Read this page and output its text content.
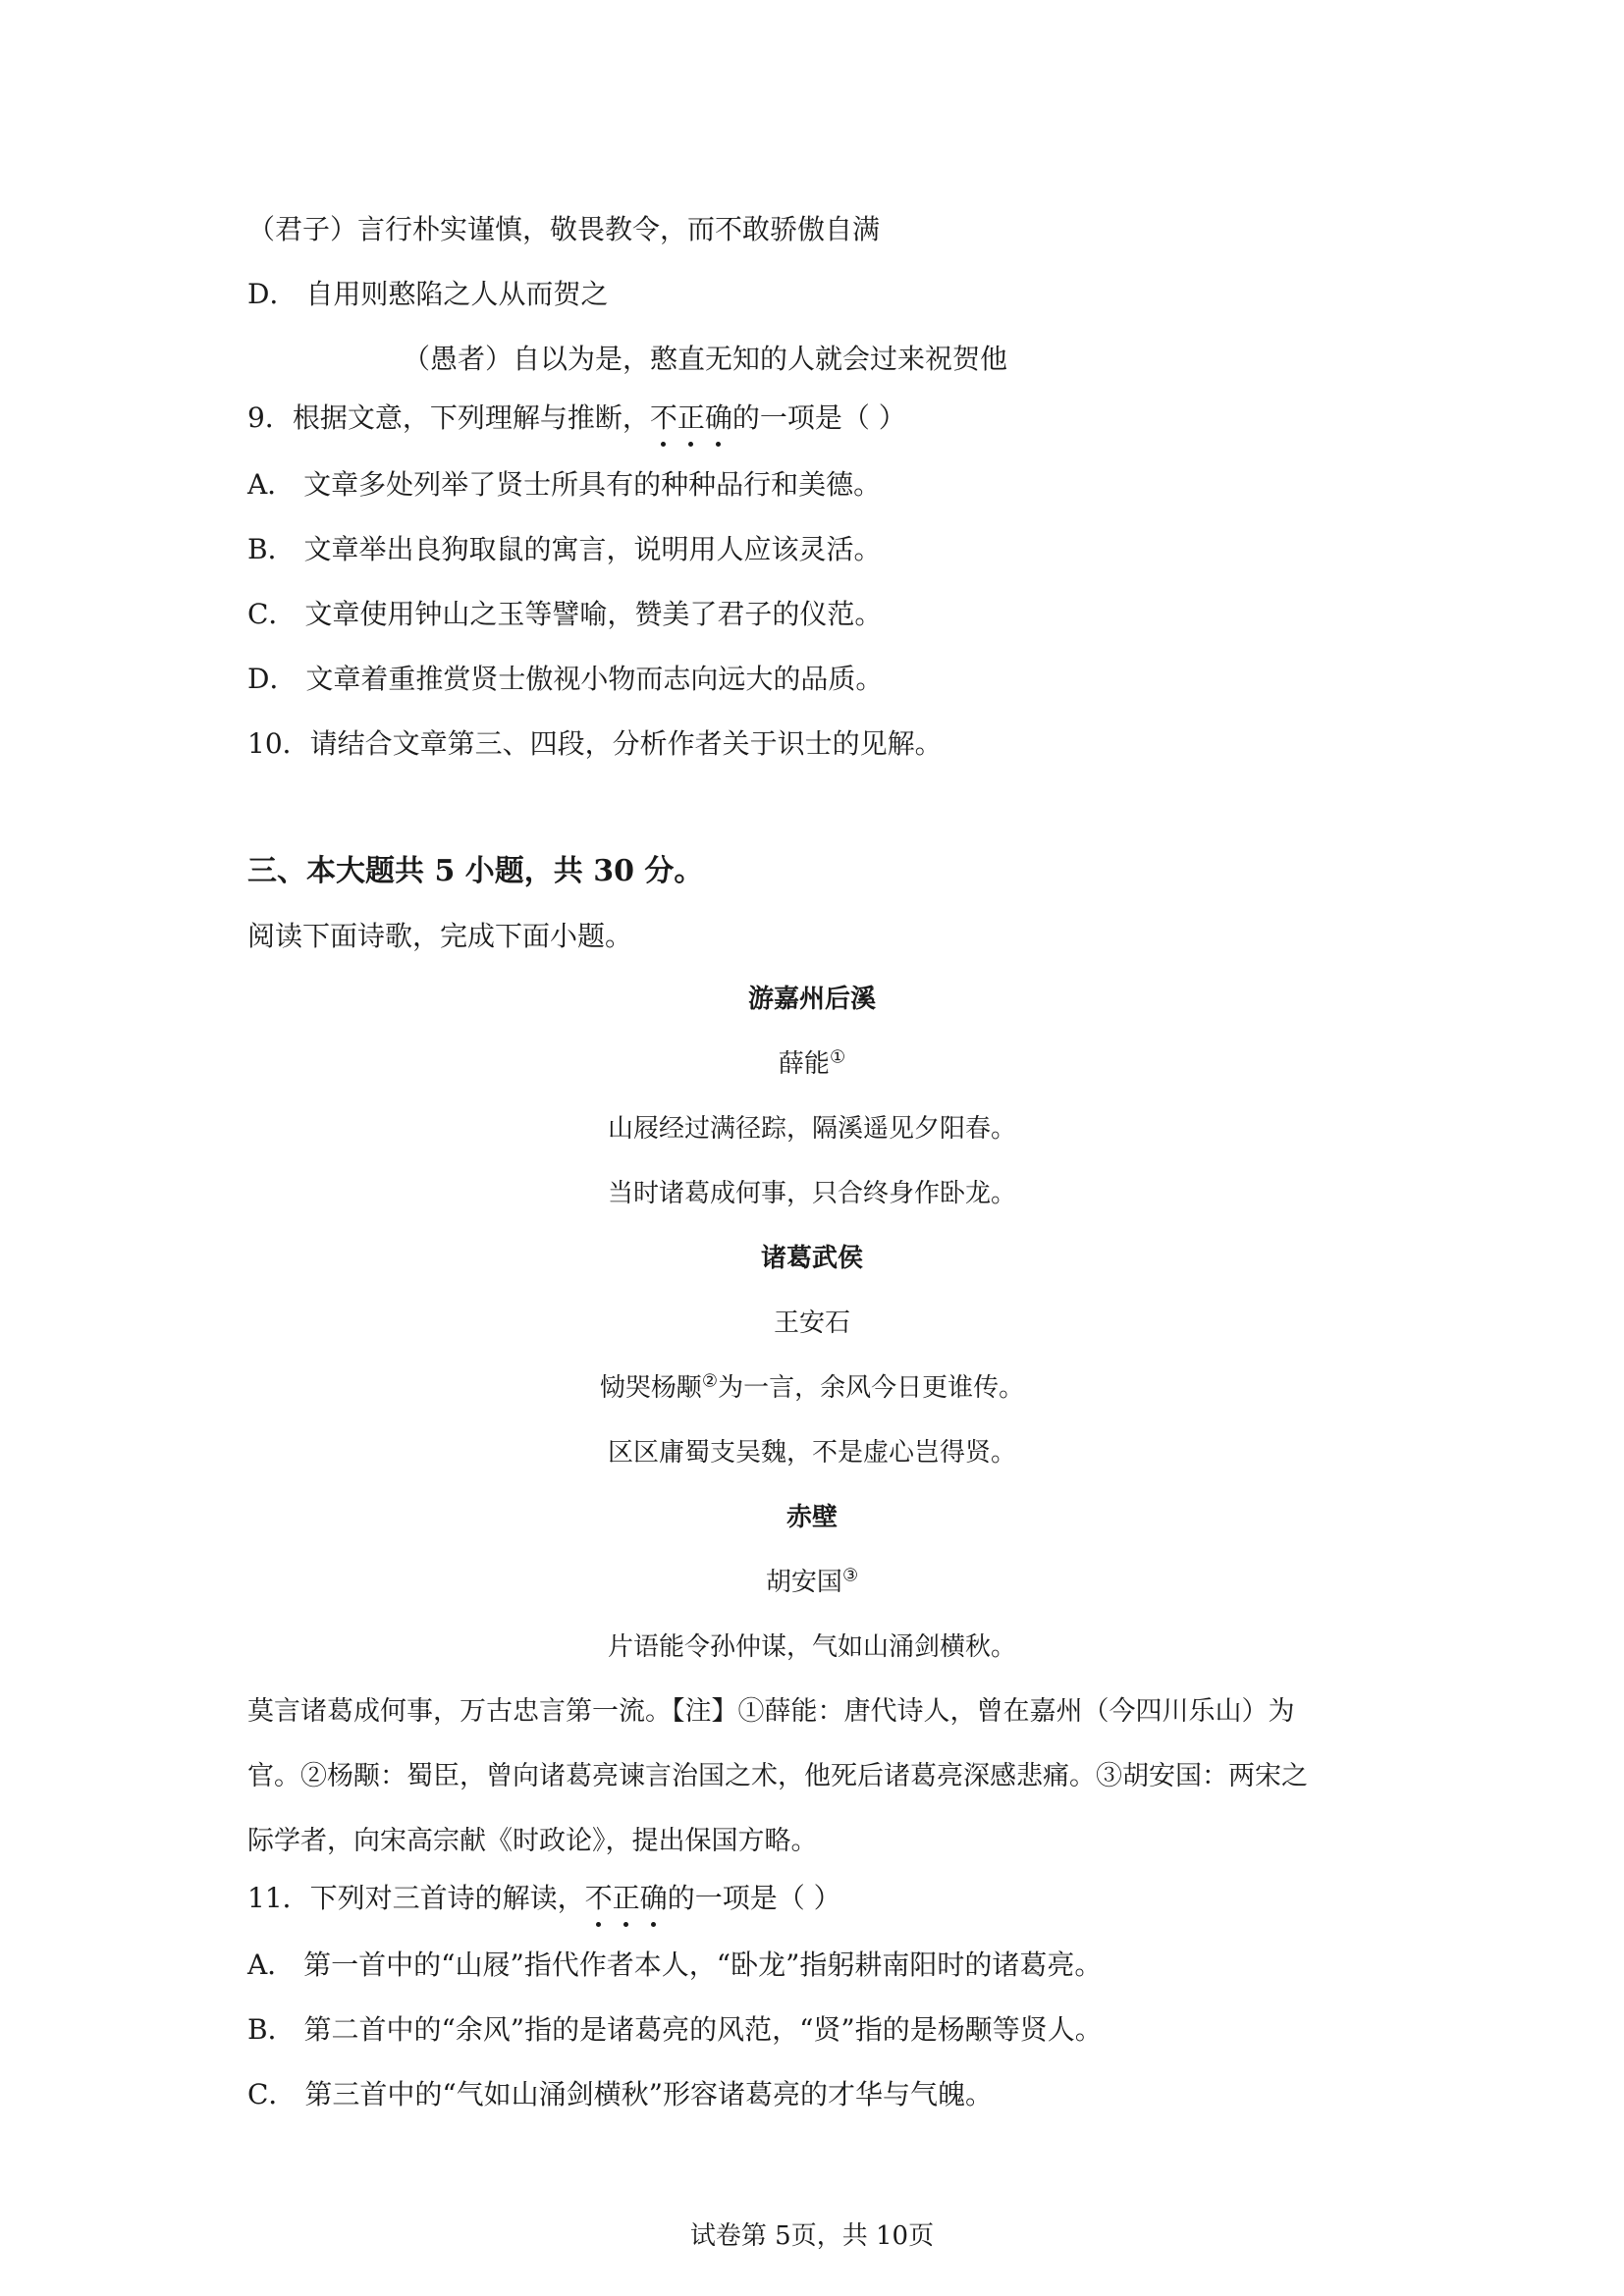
（君子）言行朴实谨慎，敬畏教令，而不敢骄傲自满
D． 自用则憨陷之人从而贺之
（愚者）自以为是，憨直无知的人就会过来祝贺他
9．根据文意，下列理解与推断，不正确的一项是（ ）
A． 文章多处列举了贤士所具有的种种品行和美德。
B． 文章举出良狗取鼠的寓言，说明用人应该灵活。
C． 文章使用钟山之玉等譬喻，赞美了君子的仪范。
D． 文章着重推赏贤士傲视小物而志向远大的品质。
10．请结合文章第三、四段，分析作者关于识士的见解。
三、本大题共 5 小题，共 30 分。
阅读下面诗歌，完成下面小题。
游嘉州后溪
薛能①
山屐经过满径踪，隔溪遥见夕阳春。
当时诸葛成何事，只合终身作卧龙。
诸葛武侯
王安石
恸哭杨颙②为一言，余风今日更谁传。
区区庸蜀支吴魏，不是虚心岂得贤。
赤壁
胡安国③
片语能令孙仲谋，气如山涌剑横秋。
莫言诸葛成何事，万古忠言第一流。【注】①薛能：唐代诗人，曾在嘉州（今四川乐山）为
官。②杨颙：蜀臣，曾向诸葛亮谏言治国之术，他死后诸葛亮深感悲痛。③胡安国：两宋之
际学者，向宋高宗献《时政论》，提出保国方略。
11．下列对三首诗的解读，不正确的一项是（ ）
A． 第一首中的“山屐”指代作者本人，“卧龙”指躬耕南阳时的诸葛亮。
B． 第二首中的“余风”指的是诸葛亮的风范，“贤”指的是杨颙等贤人。
C． 第三首中的“气如山涌剑横秋”形容诸葛亮的才华与气魄。
试卷第 5页，共 10页
